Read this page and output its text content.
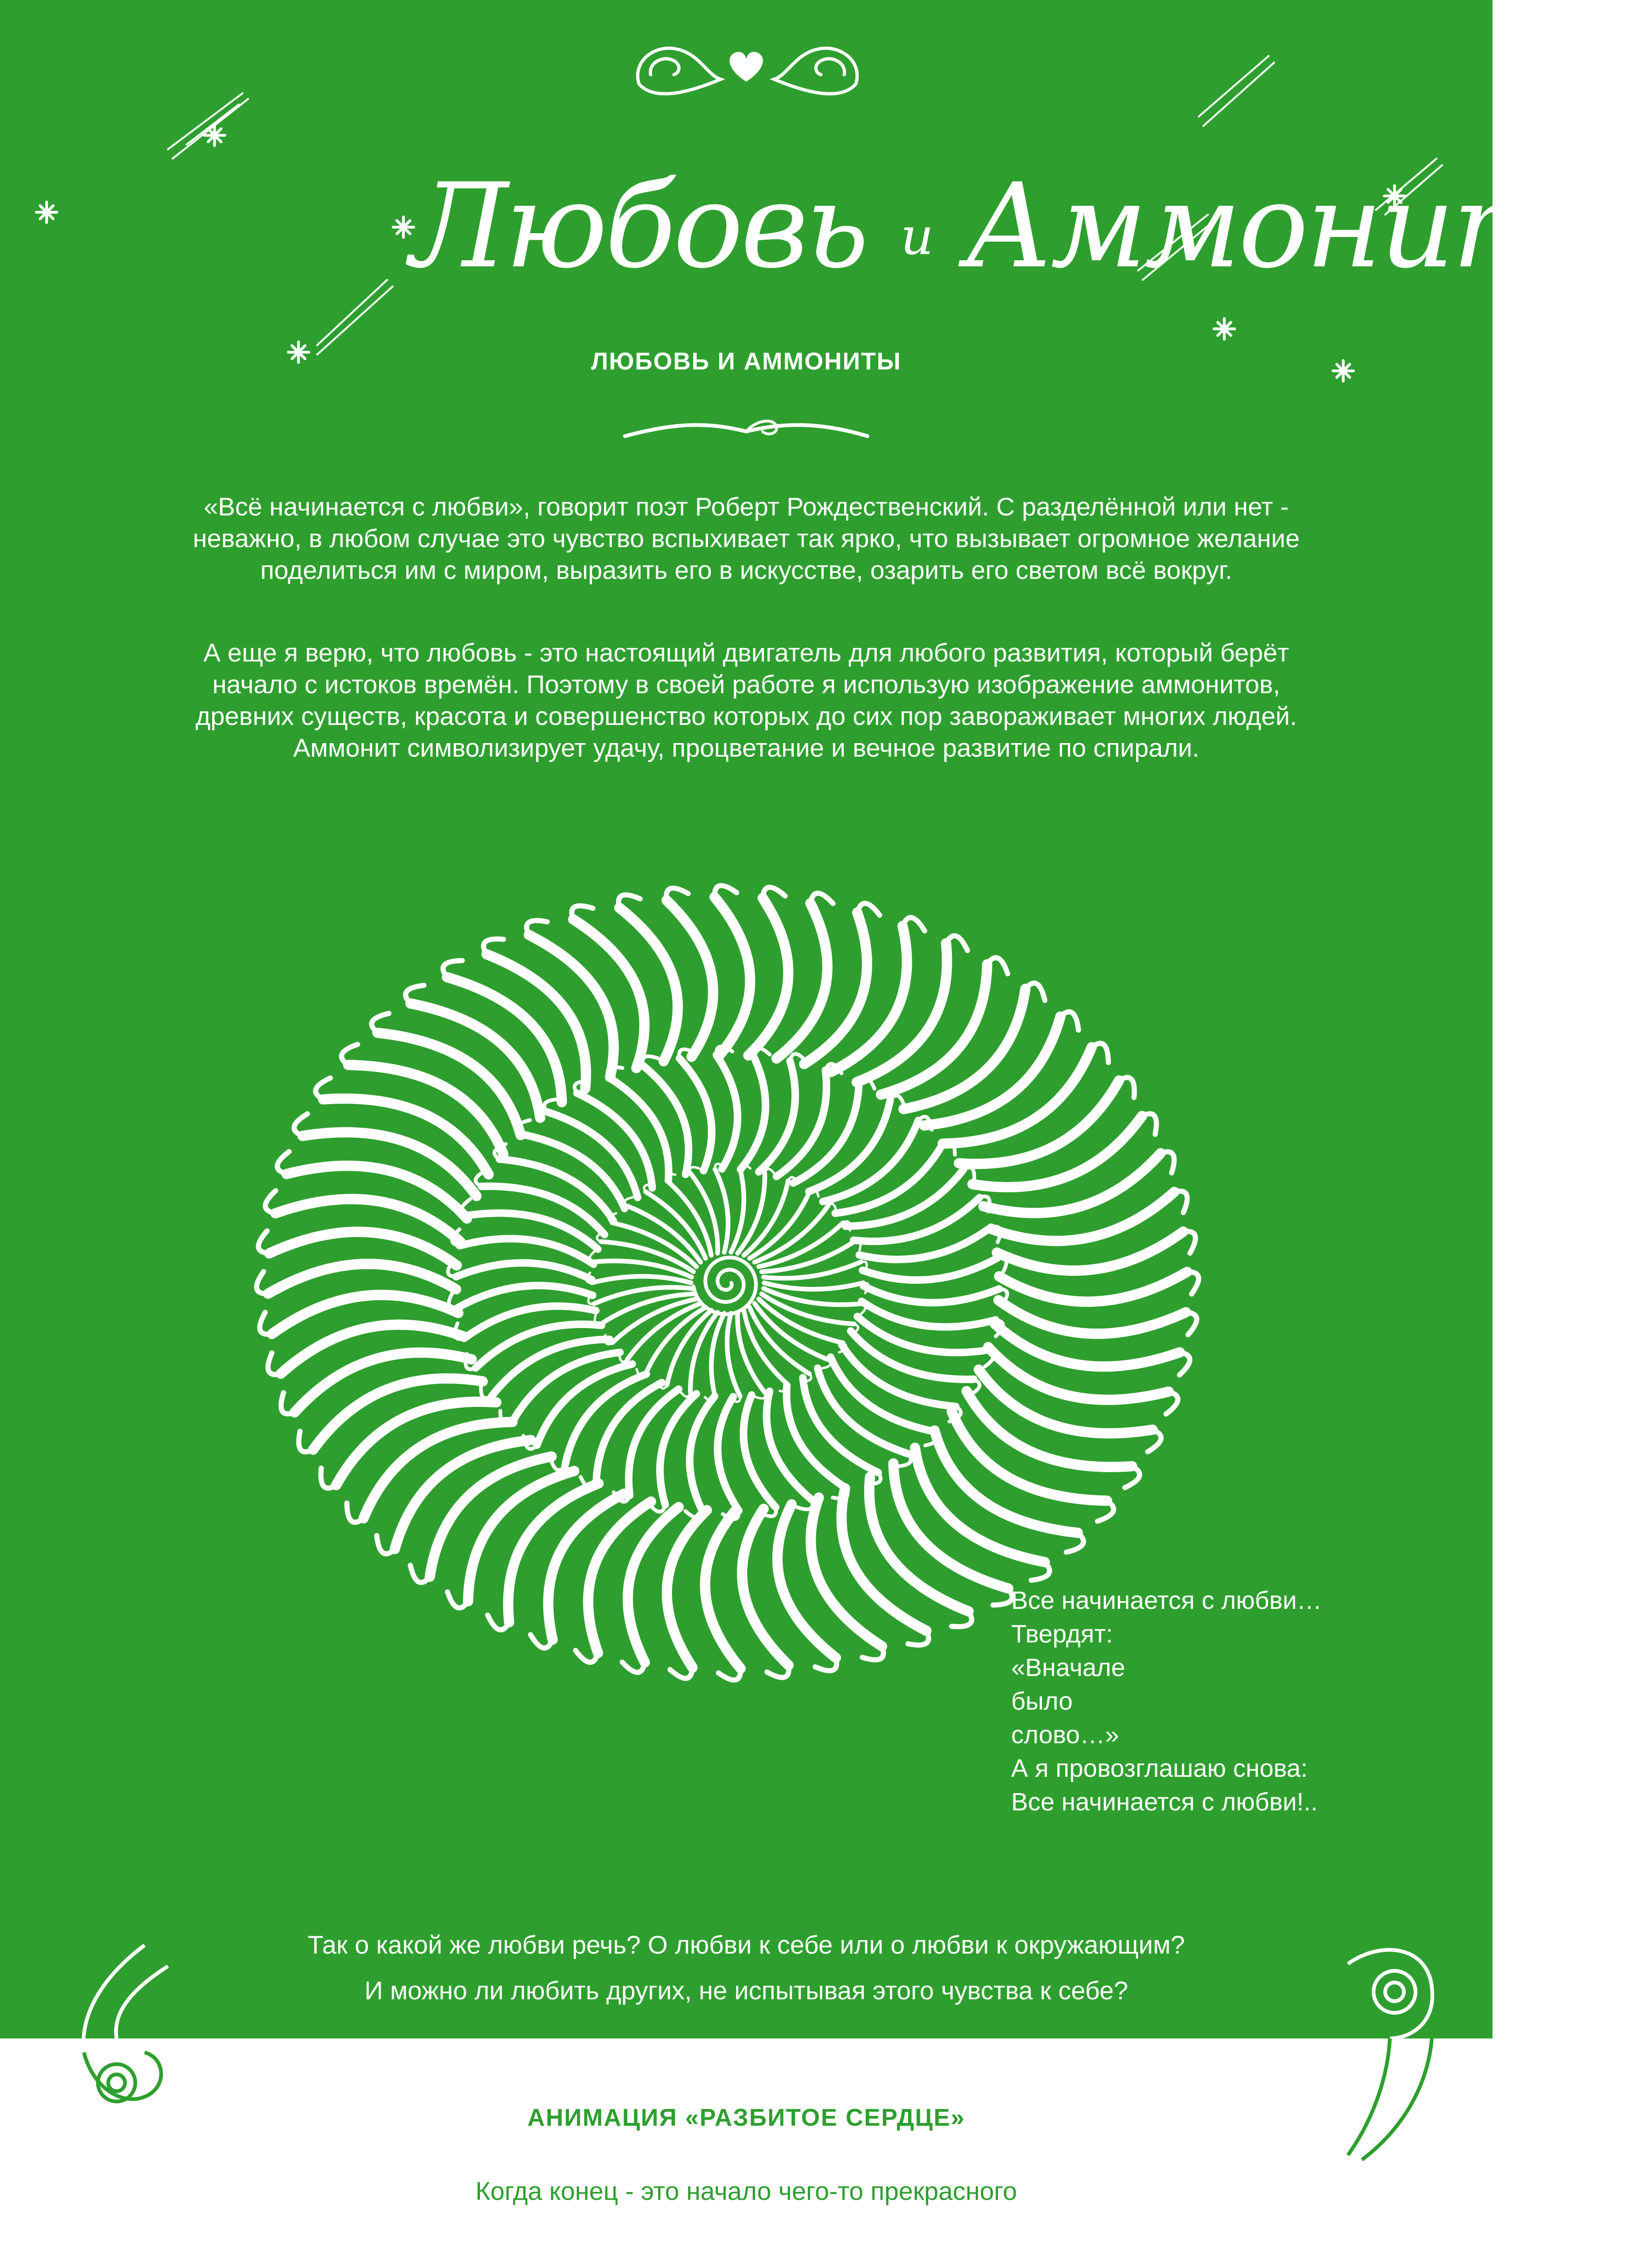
Любовь и Аммониты
ЛЮБОВЬ И АММОНИТЫ
«Всё начинается с любви», говорит поэт Роберт Рождественский. С разделённой или нет -
неважно, в любом случае это чувство вспыхивает так ярко, что вызывает огромное желание
поделиться им с миром, выразить его в искусстве, озарить его светом всё вокруг.
А еще я верю, что любовь - это настоящий двигатель для любого развития, который берёт
начало с истоков времён. Поэтому в своей работе я использую изображение аммонитов,
древних существ, красота и совершенство которых до сих пор завораживает многих людей.
Аммонит символизирует удачу, процветание и вечное развитие по спирали.
Все начинается с любви…
Твердят:
«Вначале
было
слово…»
А я провозглашаю снова:
Все начинается с любви!..
Так о какой же любви речь? О любви к себе или о любви к окружающим?
И можно ли любить других, не испытывая этого чувства к себе?
АНИМАЦИЯ «РАЗБИТОЕ СЕРДЦЕ»
Когда конец - это начало чего-то прекрасного
